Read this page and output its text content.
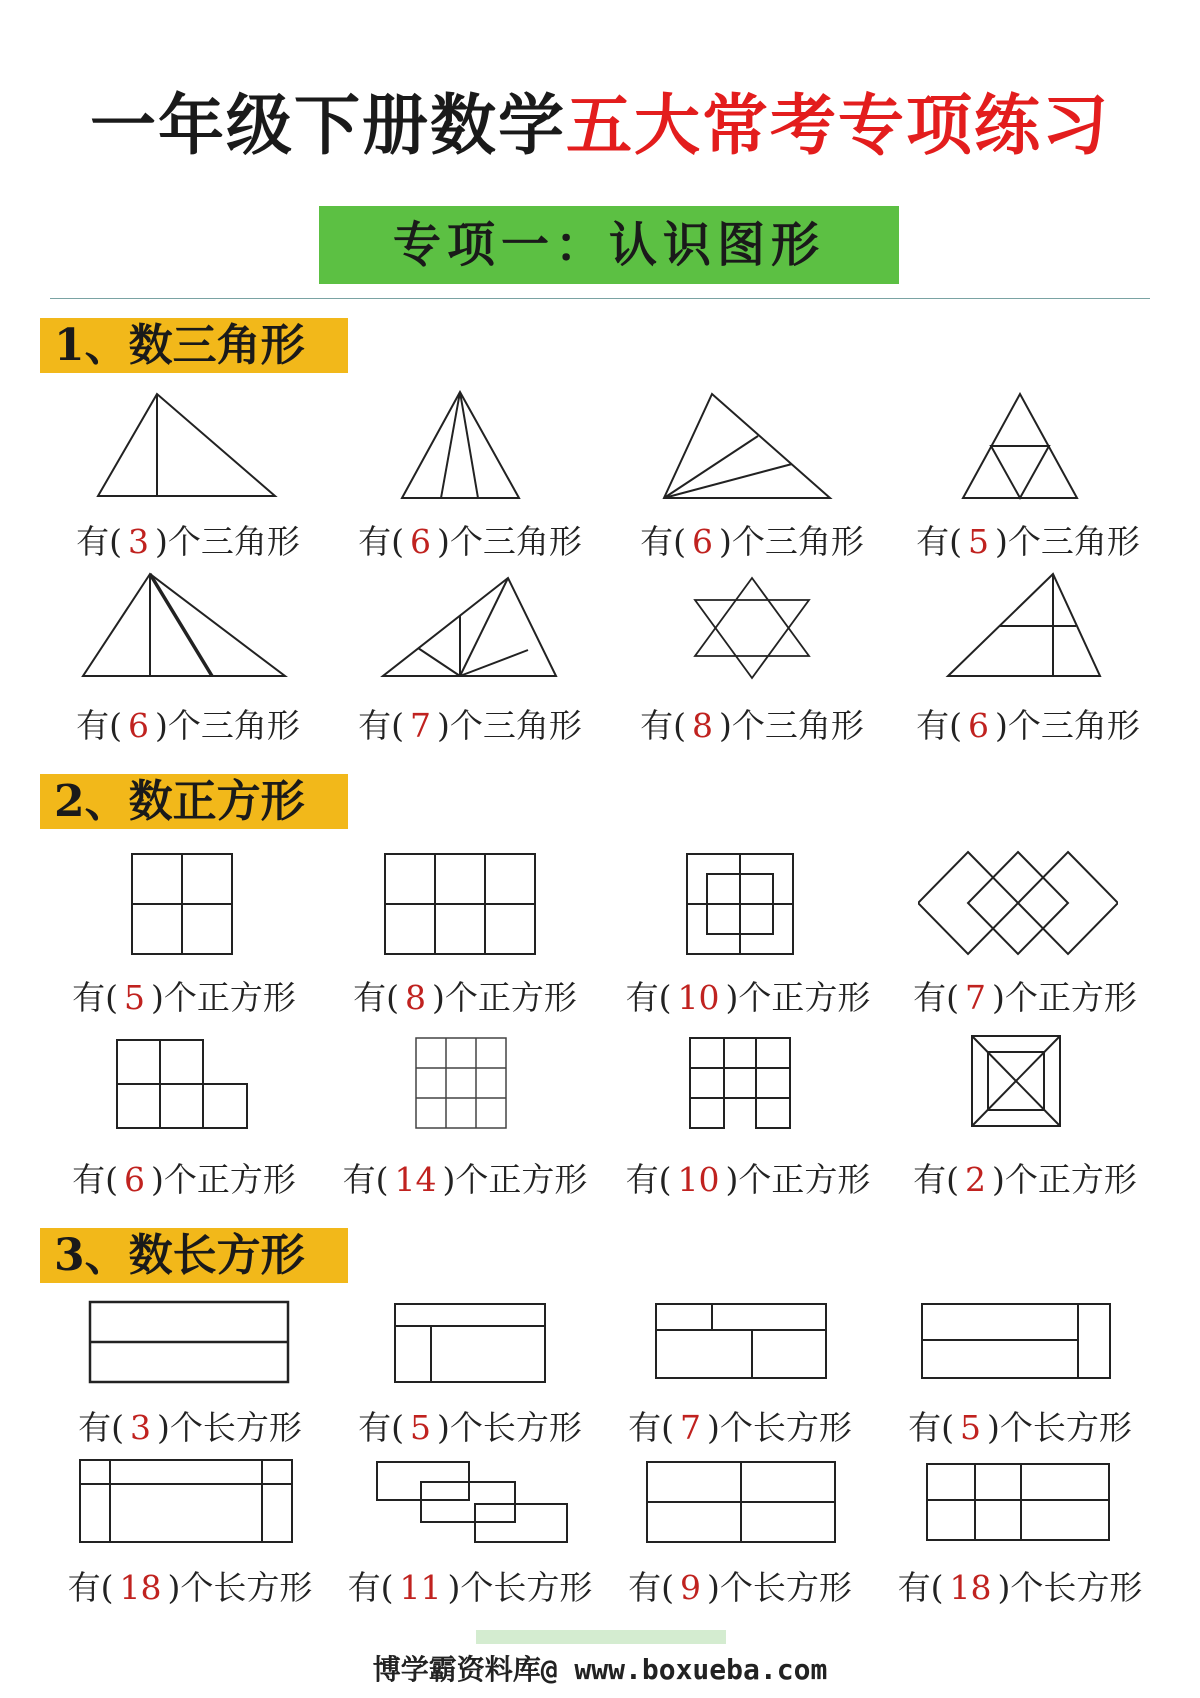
一年级下册数学五大常考专项练习
专项一：认识图形
1、数三角形
有( 3 )个三角形	有( 6 )个三角形	有( 6 )个三角形	有( 5 )个三角形
有( 6 )个三角形	有( 7 )个三角形	有( 8 )个三角形	有( 6 )个三角形
2、数正方形
有( 5 )个正方形	有( 8 )个正方形	有( 10 )个正方形	有( 7 )个正方形
有( 6 )个正方形	有( 14 )个正方形	有( 10 )个正方形	有( 2 )个正方形
3、数长方形
有( 3 )个长方形	有( 5 )个长方形	有( 7 )个长方形	有( 5 )个长方形
有( 18 )个长方形	有( 11 )个长方形	有( 9 )个长方形	有( 18 )个长方形
博学霸资料库@ www.boxueba.com
